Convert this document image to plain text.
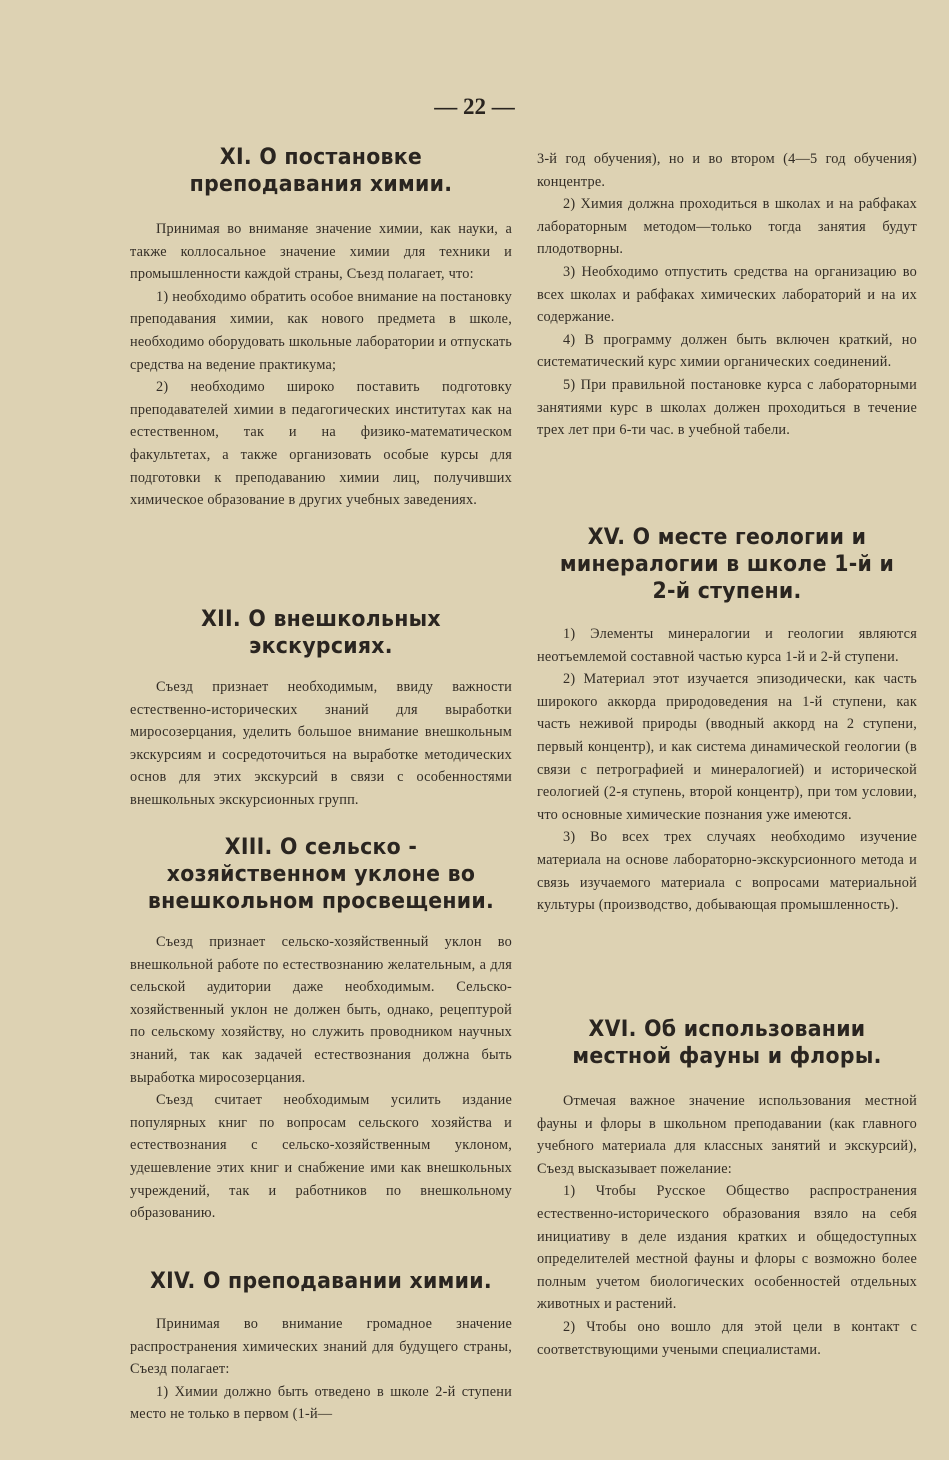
— 22 —
XI. О постановке преподавания химии.

Принимая во вниманяе значение химии, как науки, а также коллосальное значение химии для техники и промышленности каждой страны, Съезд полагает, что:

1) необходимо обратить особое внимание на постановку преподавания химии, как нового предмета в школе, необходимо оборудовать школьные лаборатории и отпускать средства на ведение практикума;

2) необходимо широко поставить подготовку преподавателей химии в педагогических институтах как на естественном, так и на физико-математическом факультетах, а также организовать особые курсы для подготовки к преподаванию химии лиц, получивших химическое образование в других учебных заведениях.

XII. О внешкольных экскурсиях.

Съезд признает необходимым, ввиду важности естественно-исторических знаний для выработки миросозерцания, уделить большое внимание внешкольным экскурсиям и сосредоточиться на выработке методических основ для этих экскурсий в связи с особенностями внешкольных экскурсионных групп.

XIII. О сельско - хозяйственном уклоне во внешкольном просвещении.

Съезд признает сельско-хозяйственный уклон во внешкольной работе по естествознанию желательным, а для сельской аудитории даже необходимым. Сельско-хозяйственный уклон не должен быть, однако, рецептурой по сельскому хозяйству, но служить проводником научных знаний, так как задачей естествознания должна быть выработка миросозерцания.

Съезд считает необходимым усилить издание популярных книг по вопросам сельского хозяйства и естествознания с сельско-хозяйственным уклоном, удешевление этих книг и снабжение ими как внешкольных учреждений, так и работников по внешкольному образованию.

XIV. О преподавании химии.

Принимая во внимание громадное значение распространения химических знаний для будущего страны, Съезд полагает:

1) Химии должно быть отведено в школе 2-й ступени место не только в первом (1-й—

3-й год обучения), но и во втором (4—5 год обучения) концентре.

2) Химия должна проходиться в школах и на рабфаках лабораторным методом—только тогда занятия будут плодотворны.

3) Необходимо отпустить средства на организацию во всех школах и рабфаках химических лабораторий и на их содержание.

4) В программу должен быть включен краткий, но систематический курс химии органических соединений.

5) При правильной постановке курса с лабораторными занятиями курс в школах должен проходиться в течение трех лет при 6-ти час. в учебной табели.

XV. О месте геологии и минералогии в школе 1-й и 2-й ступени.

1) Элементы минералогии и геологии являются неотъемлемой составной частью курса 1-й и 2-й ступени.

2) Материал этот изучается эпизодически, как часть широкого аккорда природоведения на 1-й ступени, как часть неживой природы (вводный аккорд на 2 ступени, первый концентр), и как система динамической геологии (в связи с петрографией и минералогией) и исторической геологией (2-я ступень, второй концентр), при том условии, что основные химические познания уже имеются.

3) Во всех трех случаях необходимо изучение материала на основе лабораторно-экскурсионного метода и связь изучаемого материала с вопросами материальной культуры (производство, добывающая промышленность).

XVI. Об использовании местной фауны и флоры.

Отмечая важное значение использования местной фауны и флоры в школьном преподавании (как главного учебного материала для классных занятий и экскурсий), Съезд высказывает пожелание:

1) Чтобы Русское Общество распространения естественно-исторического образования взяло на себя инициативу в деле издания кратких и общедоступных определителей местной фауны и флоры с возможно более полным учетом биологических особенностей отдельных животных и растений.

2) Чтобы оно вошло для этой цели в контакт с соответствующими учеными специалистами.
